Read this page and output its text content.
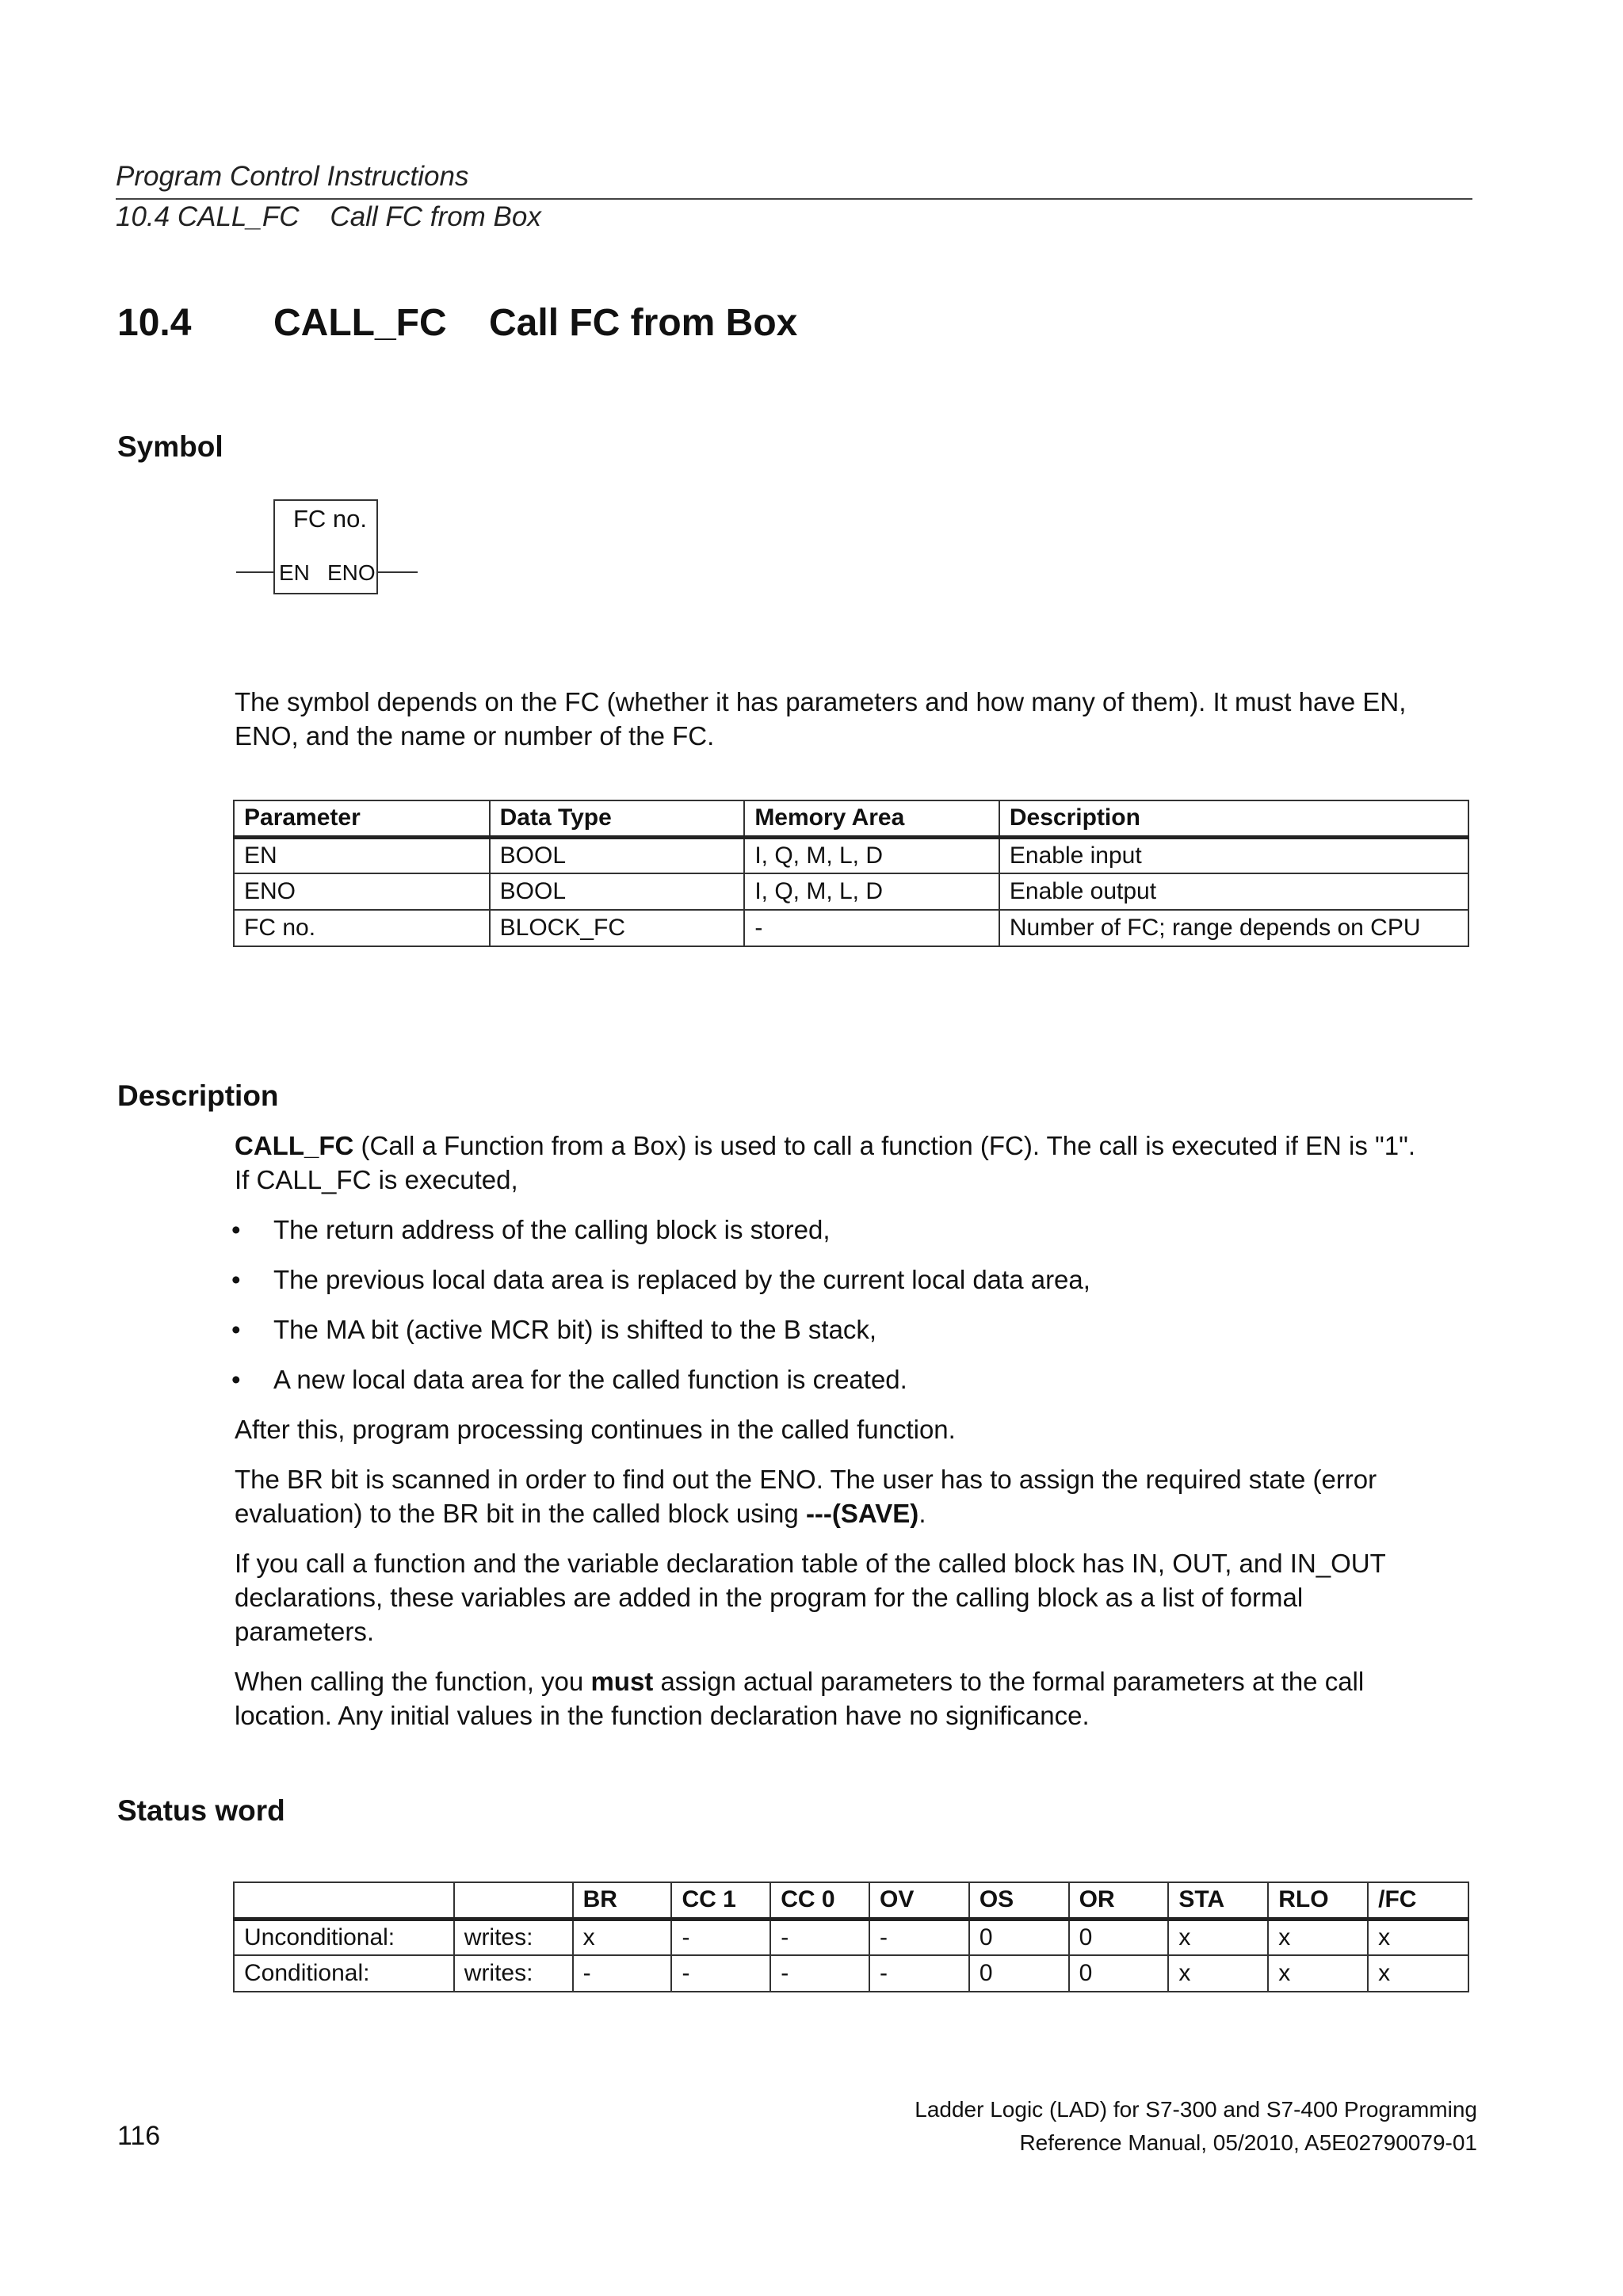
Program Control Instructions
10.4 CALL_FC    Call FC from Box
10.4 CALL_FC    Call FC from Box
Symbol
FC no.
EN ENO
The symbol depends on the FC (whether it has parameters and how many of them). It must have EN,
ENO, and the name or number of the FC.
Parameter	Data Type	Memory Area	Description
EN	BOOL	I, Q, M, L, D	Enable input
ENO	BOOL	I, Q, M, L, D	Enable output
FC no.	BLOCK_FC	-	Number of FC; range depends on CPU
Description
CALL_FC (Call a Function from a Box) is used to call a function (FC). The call is executed if EN is "1".
If CALL_FC is executed,
• The return address of the calling block is stored,
• The previous local data area is replaced by the current local data area,
• The MA bit (active MCR bit) is shifted to the B stack,
• A new local data area for the called function is created.
After this, program processing continues in the called function.
The BR bit is scanned in order to find out the ENO. The user has to assign the required state (error
evaluation) to the BR bit in the called block using ---(SAVE).
If you call a function and the variable declaration table of the called block has IN, OUT, and IN_OUT
declarations, these variables are added in the program for the calling block as a list of formal
parameters.
When calling the function, you must assign actual parameters to the formal parameters at the call
location. Any initial values in the function declaration have no significance.
Status word
		BR	CC 1	CC 0	OV	OS	OR	STA	RLO	/FC
Unconditional:	writes:	x	-	-	-	0	0	x	x	x
Conditional:	writes:	-	-	-	-	0	0	x	x	x
116
Ladder Logic (LAD) for S7-300 and S7-400 Programming
Reference Manual, 05/2010, A5E02790079-01
